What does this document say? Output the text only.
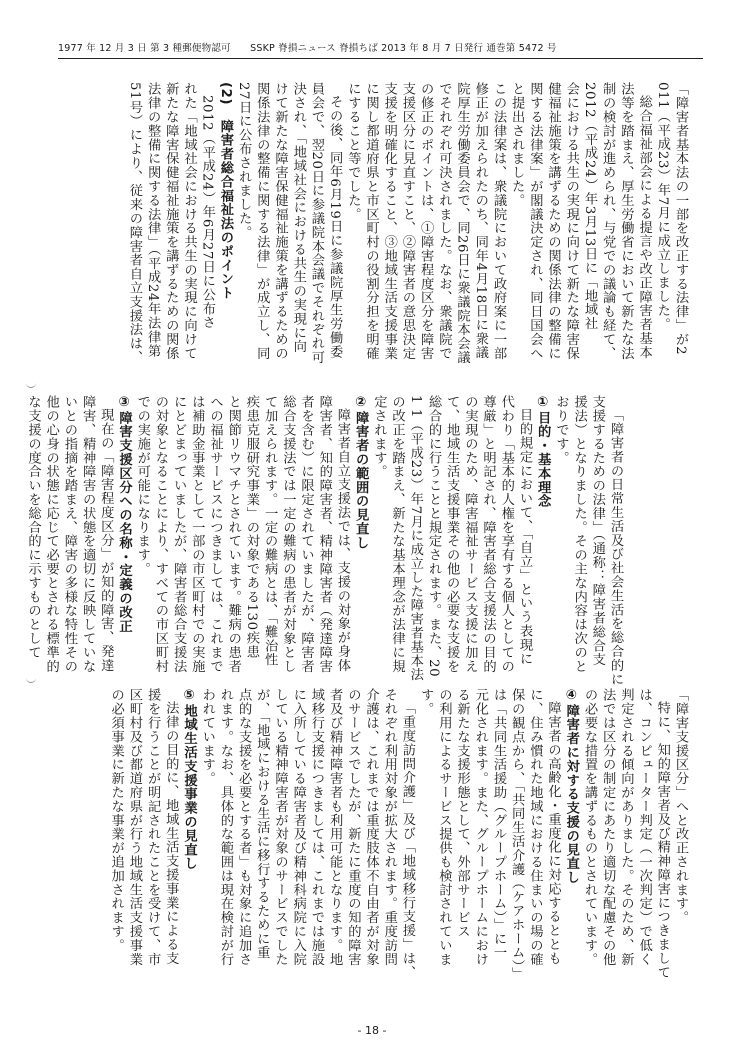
1977 年 12 月 3 日 第 3 種郵便物認可　　SSKP 脊損ニュース 脊損ちば 2013 年 8 月 7 日発行 通巻第 5472 号

「障害者基本法の一部を改正する法律」が2

011（平成23）年7月に成立しました。

総合福祉部会による提言や改正障害者基本

法等を踏まえ、厚生労働省において新たな法

制の検討が進められ、与党での議論も経て、

2012（平成24）年3月13日に「地域社

会における共生の実現に向けて新たな障害保

健福祉施策を講ずるための関係法律の整備に

関する法律案」が閣議決定され、同日国会へ

と提出されました。

この法律案は、衆議院において政府案に一部

修正が加えられたのち、同年4月18日に衆議

院厚生労働委員会で、同26日に衆議院本会議

でそれぞれ可決されました。なお、衆議院で

の修正のポイントは、①障害程度区分を障害

支援区分に見直すこと、②障害者の意思決定

支援を明確化すること、③地域生活支援事業

に関し都道府県と市区町村の役割分担を明確

にすること等でした。

その後、同年6月19日に参議院厚生労働委

員会で、翌20日に参議院本会議でそれぞれ可

決され、「地域社会における共生の実現に向

けて新たな障害保健福祉施策を講ずるための

関係法律の整備に関する法律」が成立し、同

27日に公布されました。

(2)　障害者総合福祉法のポイント

2012（平成24）年6月27日に公布さ

れた「地域社会における共生の実現に向けて

新たな障害保健福祉施策を講ずるための関係

法律の整備に関する法律」（平成24年法律第

51号）により、従来の障害者自立支援法は、

「障害者の日常生活及び社会生活を総合的に

支援するための法律」（通称：障害者総合支

援法）となりました。その主な内容は次のと

おりです。

①目的・基本理念

目的規定において、「自立」という表現に

代わり「基本的人権を享有する個人としての

尊厳」と明記され、障害者総合支援法の目的

の実現のため、障害福祉サービス支援に加え

て、地域生活支援事業その他の必要な支援を

総合的に行うことと規定されます。また、20

1 1（平成23）年7月に成立した障害者基本法

の改正を踏まえ、新たな基本理念が法律に規

定されます。

②障害者の範囲の見直し

障害者自立支援法では、支援の対象が身体

障害者、知的障害者、精神障害者（発達障害

者を含む）に限定されていましたが、障害者

総合支援法では一定の難病の患者が対象とし

て加えられます。一定の難病とは、「難治性

疾患克服研究事業」の対象である130疾患

と関節リウマチとされています。難病の患者

への福祉サービスにつきましては、これまで

は補助金事業として一部の市区町村での実施

にとどまっていましたが、障害者総合支援法

の対象となることにより、すべての市区町村

での実施が可能になります。

③障害支援区分への名称・定義の改正

現在の「障害程度区分」が知的障害、発達

障害、精神障害の状態を適切に反映していな

いとの指摘を踏まえ、障害の多様な特性その

他の心身の状態に応じて必要とされる標準的

な支援の度合いを総合的に示すものとして

「障害支援区分」へと改正されます。

特に、知的障害者及び精神障害につきまして

は、コンピューター判定（一次判定）で低く

判定される傾向がありました。そのため、新

法では区分の制定にあたり適切な配慮その他

の必要な措置を講ずるものとされています。

④障害者に対する支援の見直し

障害者の高齢化・重度化に対応するととも

に、住み慣れた地域における住まいの場の確

保の観点から、「共同生活介護（ケアホーム）」

は「共同生活援助（グループホーム）」に一

元化されます。また、グループホームにおけ

る新たな支援形態として、外部サービス

の利用によるサービス提供も検討されていま

す。

「重度訪問介護」及び「地域移行支援」は、

それぞれ利用対象が拡大されます。重度訪問

介護は、これまでは重度肢体不自由者が対象

のサービスでしたが、新たに重度の知的障害

者及び精神障害者も利用可能となります。地

域移行支援につきましては、これまでは施設

に入所している障害者及び精神科病院に入院

している精神障害者が対象のサービスでした

が、「地域における生活に移行するために重

点的な支援を必要とする者」も対象に追加さ

れます。なお、具体的な範囲は現在検討が行

われています。

⑤地域生活支援事業の見直し

法律の目的に、地域生活支援事業による支

援を行うことが明記されたことを受けて、市

区町村及び都道府県が行う地域生活支援事業

の必須事業に新たな事業が追加されます。

- 18 -
